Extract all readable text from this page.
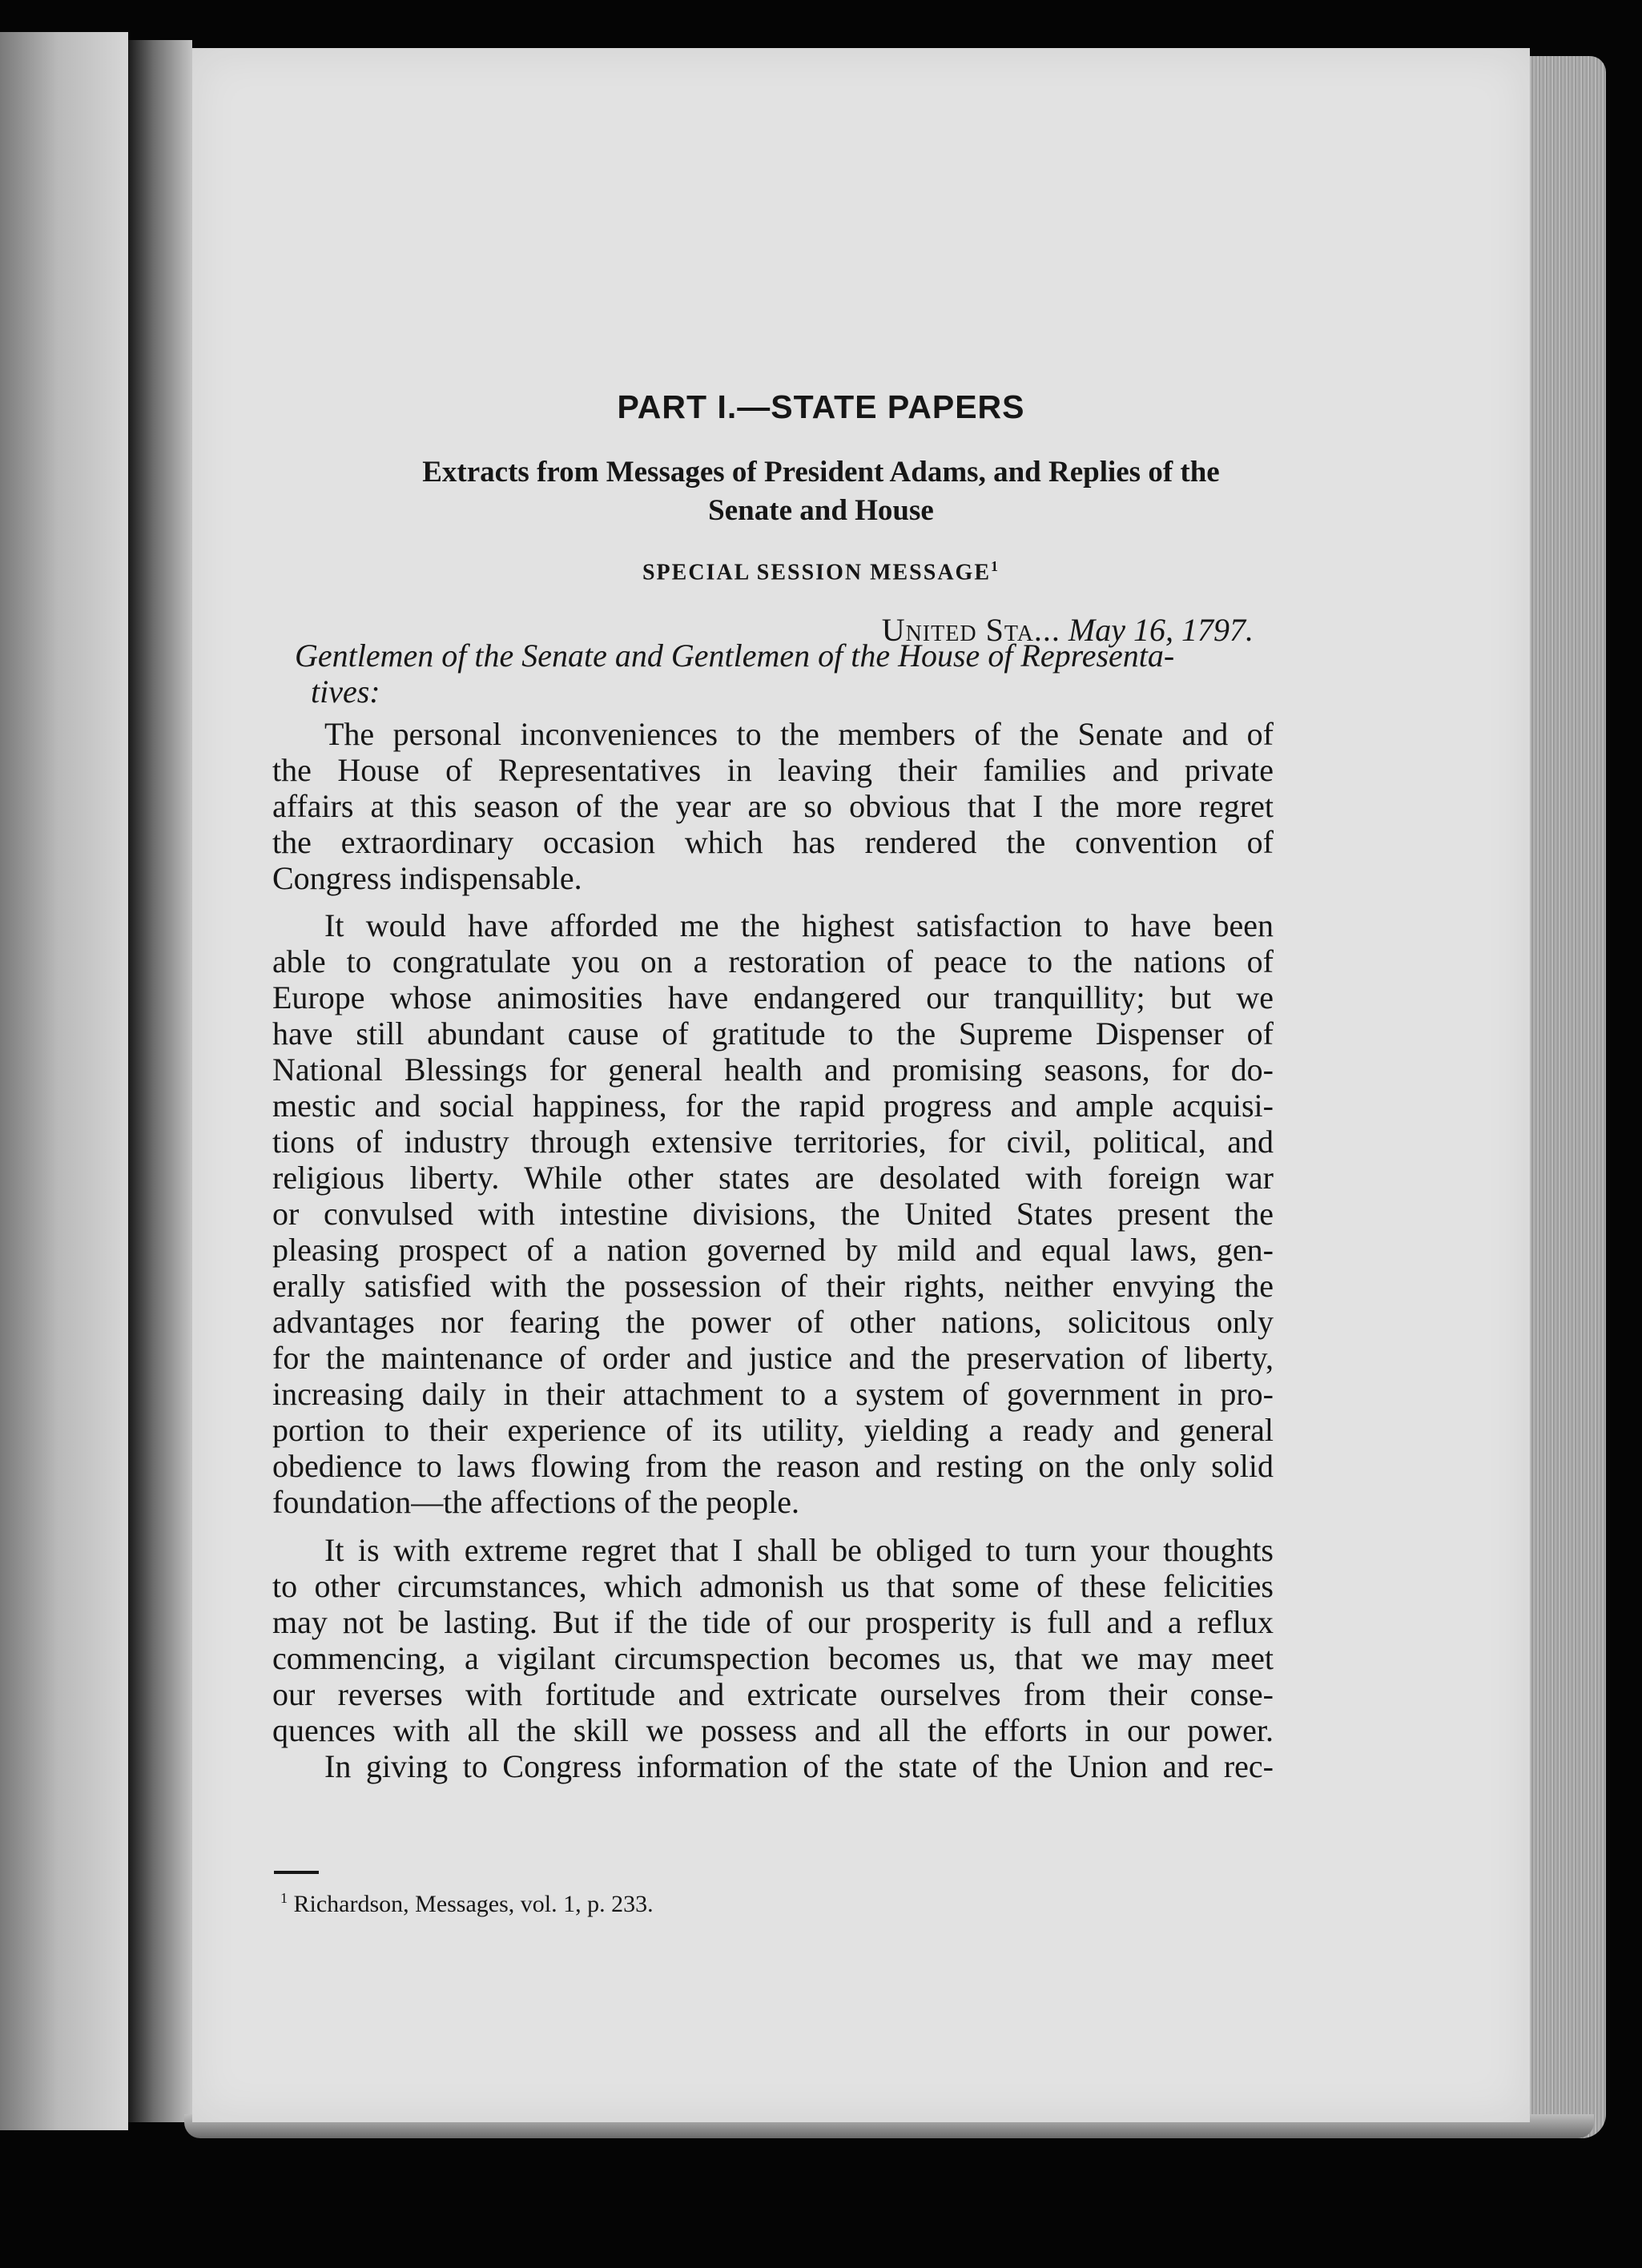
PART I.—STATE PAPERS
Extracts from Messages of President Adams, and Replies of the
Senate and House
SPECIAL SESSION MESSAGE$^1$
United Sta... May 16, 1797.
Gentlemen of the Senate and Gentlemen of the House of Representa-
tives:
The personal inconveniences to the members of the Senate and of
the House of Representatives in leaving their families and private
affairs at this season of the year are so obvious that I the more regret
the extraordinary occasion which has rendered the convention of
Congress indispensable.
It would have afforded me the highest satisfaction to have been
able to congratulate you on a restoration of peace to the nations of
Europe whose animosities have endangered our tranquillity; but we
have still abundant cause of gratitude to the Supreme Dispenser of
National Blessings for general health and promising seasons, for do-
mestic and social happiness, for the rapid progress and ample acquisi-
tions of industry through extensive territories, for civil, political, and
religious liberty. While other states are desolated with foreign war
or convulsed with intestine divisions, the United States present the
pleasing prospect of a nation governed by mild and equal laws, gen-
erally satisfied with the possession of their rights, neither envying the
advantages nor fearing the power of other nations, solicitous only
for the maintenance of order and justice and the preservation of liberty,
increasing daily in their attachment to a system of government in pro-
portion to their experience of its utility, yielding a ready and general
obedience to laws flowing from the reason and resting on the only solid
foundation—the affections of the people.
It is with extreme regret that I shall be obliged to turn your thoughts
to other circumstances, which admonish us that some of these felicities
may not be lasting. But if the tide of our prosperity is full and a reflux
commencing, a vigilant circumspection becomes us, that we may meet
our reverses with fortitude and extricate ourselves from their conse-
quences with all the skill we possess and all the efforts in our power.
In giving to Congress information of the state of the Union and rec-
$^1$ Richardson, Messages, vol. 1, p. 233.
